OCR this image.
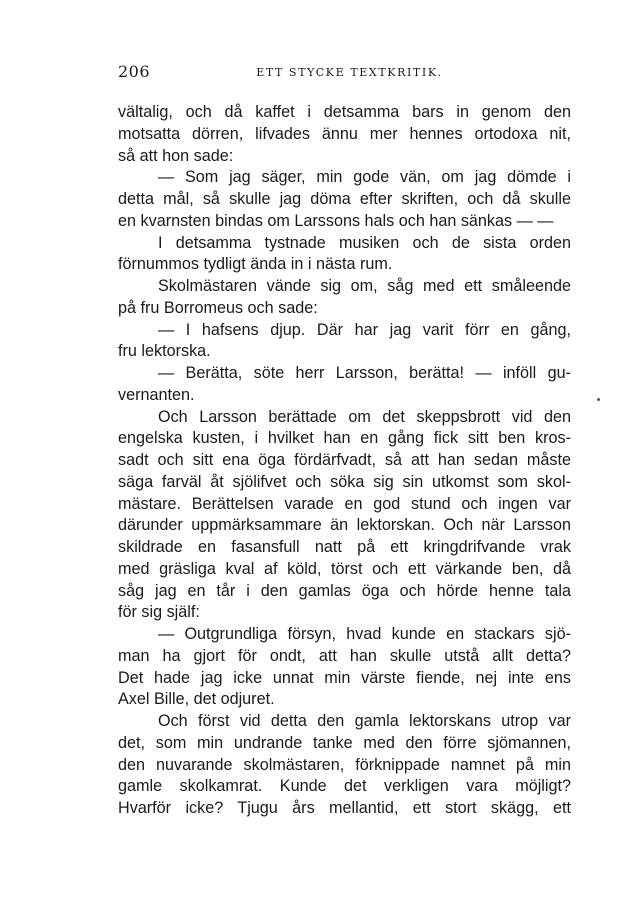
206	ETT STYCKE TEXTKRITIK.
vältalig, och då kaffet i detsamma bars in genom den
motsatta dörren, lifvades ännu mer hennes ortodoxa nit,
så att hon sade:
— Som jag säger, min gode vän, om jag dömde i
detta mål, så skulle jag döma efter skriften, och då skulle
en kvarnsten bindas om Larssons hals och han sänkas — —
I detsamma tystnade musiken och de sista orden
förnummos tydligt ända in i nästa rum.
Skolmästaren vände sig om, såg med ett småleende
på fru Borromeus och sade:
— I hafsens djup. Där har jag varit förr en gång,
fru lektorska.
— Berätta, söte herr Larsson, berätta! — inföll gu-
vernanten.
Och Larsson berättade om det skeppsbrott vid den
engelska kusten, i hvilket han en gång fick sitt ben kros-
sadt och sitt ena öga fördärfvadt, så att han sedan måste
säga farväl åt sjölifvet och söka sig sin utkomst som skol-
mästare. Berättelsen varade en god stund och ingen var
därunder uppmärksammare än lektorskan. Och när Larsson
skildrade en fasansfull natt på ett kringdrifvande vrak
med gräsliga kval af köld, törst och ett värkande ben, då
såg jag en tår i den gamlas öga och hörde henne tala
för sig själf:
— Outgrundliga försyn, hvad kunde en stackars sjö-
man ha gjort för ondt, att han skulle utstå allt detta?
Det hade jag icke unnat min värste fiende, nej inte ens
Axel Bille, det odjuret.
Och först vid detta den gamla lektorskans utrop var
det, som min undrande tanke med den förre sjömannen,
den nuvarande skolmästaren, förknippade namnet på min
gamle skolkamrat. Kunde det verkligen vara möjligt?
Hvarför icke? Tjugu års mellantid, ett stort skägg, ett
